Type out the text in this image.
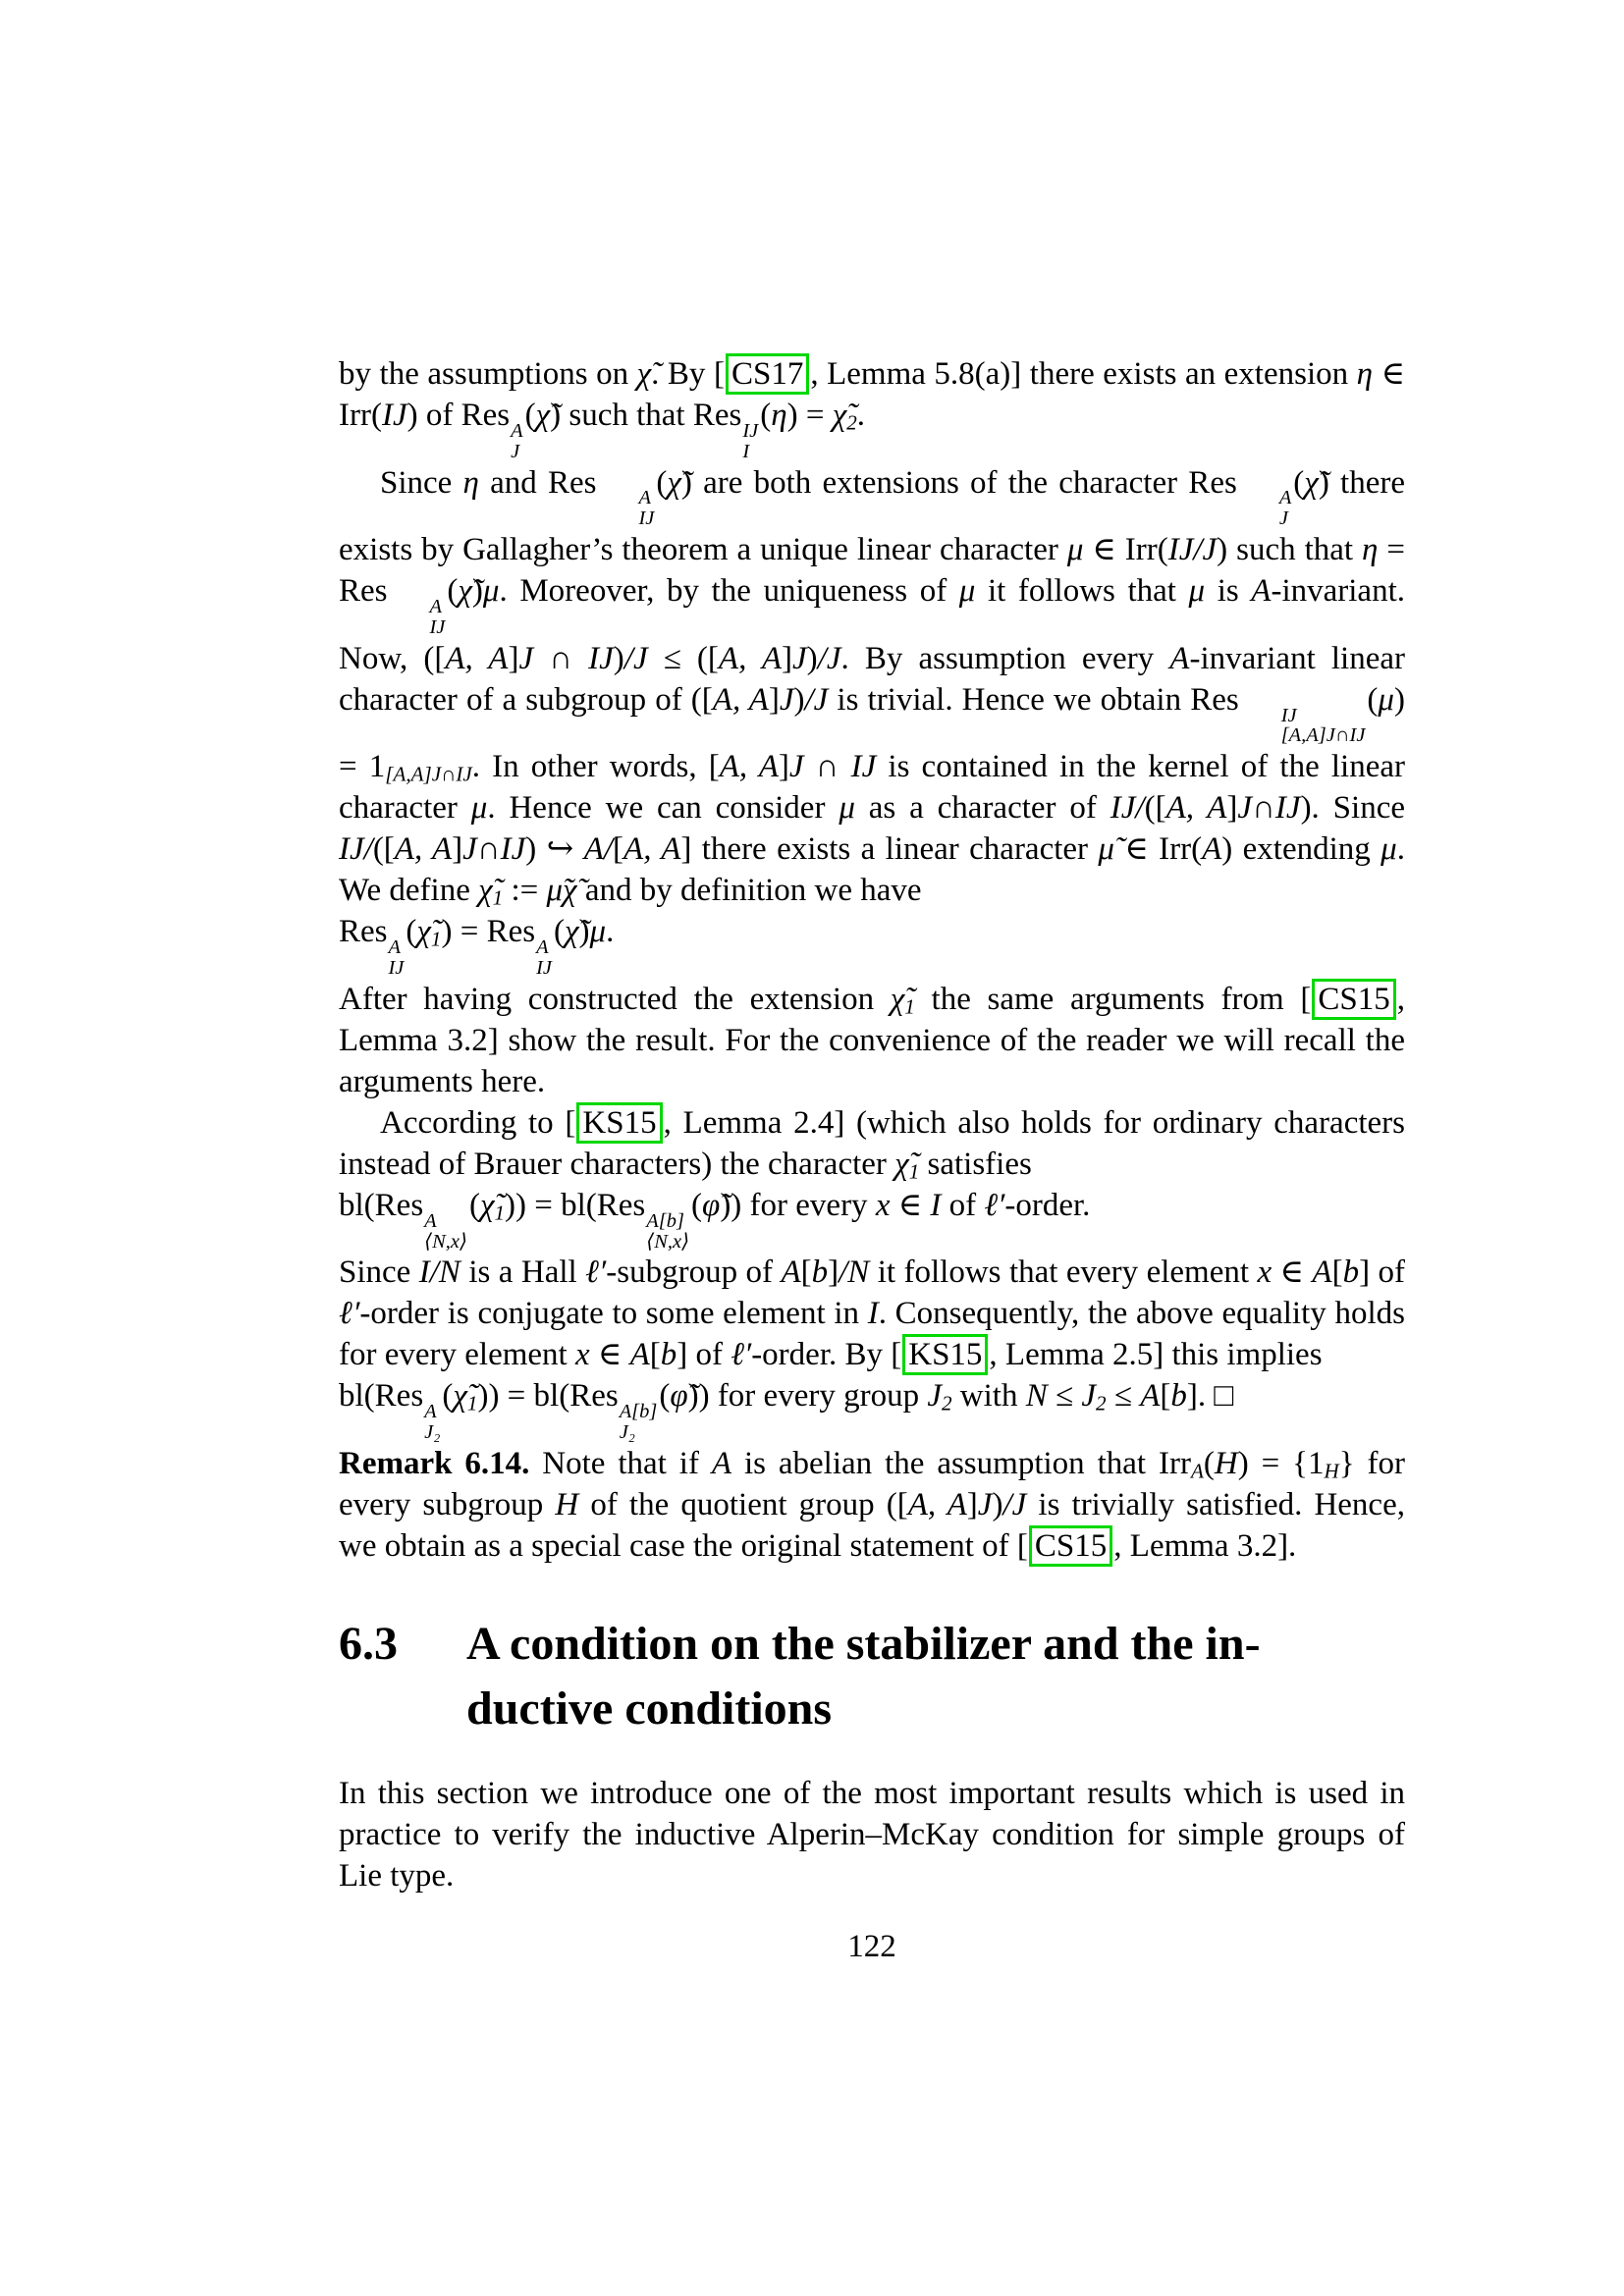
by the assumptions on χ̃. By [ CS17 , Lemma 5.8(a)] there exists an extension η ∈ Irr(IJ) of Res A
J
(χ̃) such that Res IJ
I
$(\eta) = \chĩ_2$.

Since η and Res	A
IJ
(χ̃) are both extensions of the character Res	A
J
(χ̃) there exists by Gallagher’s theorem a unique linear character μ ∈ Irr(IJ/J) such that η = Res	A
IJ
(χ̃)μ. Moreover, by the uniqueness of μ it follows that μ is A-invariant. Now, ([A, A]J ∩ IJ)/J ≤ ([A, A]J)/J. By assumption every A-invariant linear character of a subgroup of ([A, A]J)/J is trivial. Hence we obtain Res	IJ
[A,A]J∩IJ
$(\mu) = 1_{[A,A]J\cap IJ}$. In other words, [A, A]J ∩ IJ is contained in the kernel of the linear character μ. Hence we can consider μ as a character of IJ/([A, A]J∩IJ). Since IJ/([A, A]J∩IJ) ↪ A/[A, A] there exists a linear character μ̃ ∈ Irr(A) extending μ. We define $\chĩ_1$ := μ̃χ̃ and by definition we have

Res A
IJ
$(\chĩ_1)$ = Res A
IJ
(χ̃)μ.

After having constructed the extension $\chĩ_1$ the same arguments from [ CS15 , Lemma 3.2] show the result. For the convenience of the reader we will recall the arguments here.

According to [ KS15 , Lemma 2.4] (which also holds for ordinary characters instead of Brauer characters) the character $\chĩ_1$ satisfies

bl(Res A
⟨N,x⟩
$(\chĩ_1)) = bl(Res$ A[b]
⟨N,x⟩
(φ̃)) for every x ∈ I of ℓ′-order.

Since I/N is a Hall ℓ′-subgroup of A[b]/N it follows that every element x ∈ A[b] of ℓ′-order is conjugate to some element in I. Consequently, the above equality holds for every element x ∈ A[b] of ℓ′-order. By [ KS15 , Lemma 2.5] this implies

bl(Res A
J₂
$(\chĩ_1)) = bl(Res$ A[b]
J₂
(φ̃)) for every group $J_2$ with $N \le J_2 \le A[b]$. □

Remark 6.14. Note that if A is abelian the assumption that $Irr_A(H) = \{1_H\}$ for every subgroup H of the quotient group ([A, A]J)/J is trivially satisfied. Hence, we obtain as a special case the original statement of [ CS15 , Lemma 3.2].

6.3	A condition on the stabilizer and the in-
ductive conditions

In this section we introduce one of the most important results which is used in practice to verify the inductive Alperin–McKay condition for simple groups of Lie type.

122
